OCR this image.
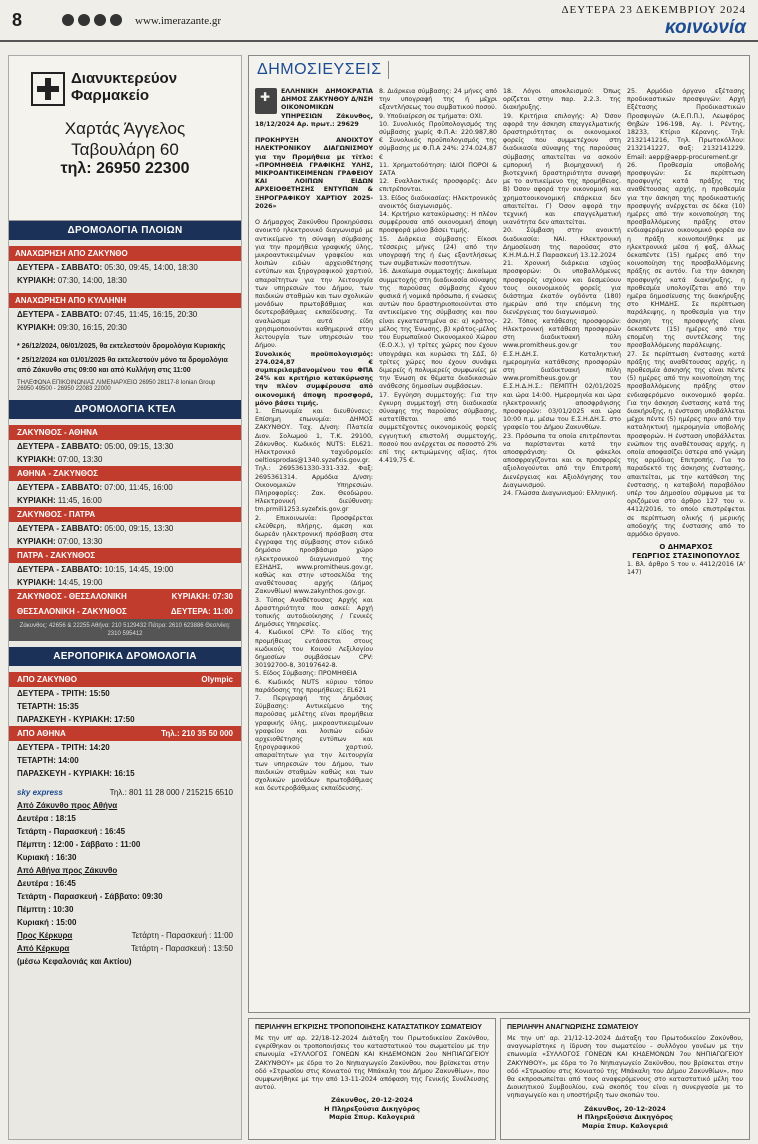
8	www.imerazante.gr
ΔΕΥΤΕΡΑ 23 ΔΕΚΕΜΒΡΙΟΥ 2024
κοινωνία
Διανυκτερεύον
Φαρμακείο
Χαρτάς Άγγελος
Ταβουλάρη 60
τηλ: 26950 22300
ΔΡΟΜΟΛΟΓΙΑ ΠΛΟΙΩΝ
ΑΝΑΧΩΡΗΣΗ ΑΠΟ ΖΑΚΥΝΘΟ
ΔΕΥΤΕΡΑ - ΣΑΒΒΑΤΟ: 05:30, 09:45, 14:00, 18:30
ΚΥΡΙΑΚΗ: 07:30, 14:00, 18:30
ΑΝΑΧΩΡΗΣΗ ΑΠΟ ΚΥΛΛΗΝΗ
ΔΕΥΤΕΡΑ - ΣΑΒΒΑΤΟ: 07:45, 11:45, 16:15, 20:30
ΚΥΡΙΑΚΗ: 09:30, 16:15, 20:30
* 26/12/2024, 06/01/2025, θα εκτελεστούν δρομολόγια Κυριακής
* 25/12/2024 και 01/01/2025 θα εκτελεστούν μόνο τα δρομολόγια από Ζάκυνθο στις 09:00 και από Κυλλήνη στις 11:00
ΤΗΛΕΦΩΝΑ ΕΠΙΚΟΙΝΩΝΙΑΣ ΛΙΜΕΝΑΡΧΕΙΟ 26950 28117-8 Ionian Group 26950 49500 - 26950 22083 22000
ΔΡΟΜΟΛΟΓΙΑ ΚΤΕΛ
ΖΑΚΥΝΘΟΣ - ΑΘΗΝΑ
ΔΕΥΤΕΡΑ - ΣΑΒΒΑΤΟ: 05:00, 09:15, 13:30
ΚΥΡΙΑΚΗ: 07:00, 13:30
ΑΘΗΝΑ - ΖΑΚΥΝΘΟΣ
ΔΕΥΤΕΡΑ - ΣΑΒΒΑΤΟ: 07:00, 11:45, 16:00
ΚΥΡΙΑΚΗ: 11:45, 16:00
ΖΑΚΥΝΘΟΣ - ΠΑΤΡΑ
ΔΕΥΤΕΡΑ - ΣΑΒΒΑΤΟ: 05:00, 09:15, 13:30
ΚΥΡΙΑΚΗ: 07:00, 13:30
ΠΑΤΡΑ - ΖΑΚΥΝΘΟΣ
ΔΕΥΤΕΡΑ - ΣΑΒΒΑΤΟ: 10:15, 14:45, 19:00
ΚΥΡΙΑΚΗ: 14:45, 19:00
ΖΑΚΥΝΘΟΣ - ΘΕΣΣΑΛΟΝΙΚΗ	ΚΥΡΙΑΚΗ: 07:30
ΘΕΣΣΑΛΟΝΙΚΗ - ΖΑΚΥΝΘΟΣ	ΔΕΥΤΕΡΑ: 11:00
Ζάκυνθος: 42656 & 22255 Αθήνα: 210 5129432 Πάτρα: 2610 623886 Θεσ/νίκη: 2310 595412
ΑΕΡΟΠΟΡΙΚΑ ΔΡΟΜΟΛΟΓΙΑ
ΑΠΟ ΖΑΚΥΝΘΟ	Olympic
ΔΕΥΤΕΡΑ - ΤΡΙΤΗ: 15:50
ΤΕΤΑΡΤΗ: 15:35
ΠΑΡΑΣΚΕΥΗ - ΚΥΡΙΑΚΗ: 17:50
ΑΠΟ ΑΘΗΝΑ	Τηλ.: 210 35 50 000
ΔΕΥΤΕΡΑ - ΤΡΙΤΗ: 14:20
ΤΕΤΑΡΤΗ: 14:00
ΠΑΡΑΣΚΕΥΗ - ΚΥΡΙΑΚΗ: 16:15
sky express	Τηλ.: 801 11 28 000 / 215215 6510
Από Ζάκυνθο προς Αθήνα
Δευτέρα : 18:15
Τετάρτη - Παρασκευή : 16:45
Πέμπτη : 12:00 - Σάββατο : 11:00
Κυριακή : 16:30
Από Αθήνα προς Ζάκυνθο
Δευτέρα : 16:45
Τετάρτη - Παρασκευή - Σάββατο: 09:30
Πέμπτη : 10:30
Κυριακή : 15:00
Προς Κέρκυρα	Τετάρτη - Παρασκευή : 11:00
Από Κέρκυρα	Τετάρτη - Παρασκευή : 13:50
(μέσω Κεφαλονιάς και Ακτίου)
ΔΗΜΟΣΙΕΥΣΕΙΣ
✚

ΕΛΛΗΝΙΚΗ ΔΗΜΟΚΡΑΤΙΑ ΔΗΜΟΣ ΖΑΚΥΝΘΟΥ Δ/ΝΣΗ ΟΙΚΟΝΟΜΙΚΩΝ ΥΠΗΡΕΣΙΩΝ Ζάκυνθος, 18/12/2024 Αρ. πρωτ.: 29629

ΠΡΟΚΗΡΥΞΗ ΑΝΟΙΧΤΟΥ ΗΛΕΚΤΡΟΝΙΚΟΥ ΔΙΑΓΩΝΙΣΜΟΥ για την Προμήθεια με τίτλο: «ΠΡΟΜΗΘΕΙΑ ΓΡΑΦΙΚΗΣ ΥΛΗΣ, ΜΙΚΡΟΑΝΤΙΚΕΙΜΕΝΩΝ ΓΡΑΦΕΙΟΥ ΚΑΙ ΛΟΙΠΩΝ ΕΙΔΩΝ ΑΡΧΕΙΟΘΕΤΗΣΗΣ ΕΝΤΥΠΩΝ & ΞΗΡΟΓΡΑΦΙΚΟΥ ΧΑΡΤΙΟΥ 2025-2026»

Ο Δήμαρχος Ζακύνθου Προκηρύσσει ανοικτό ηλεκτρονικό διαγωνισμό με αντικείμενο τη σύναψη σύμβασης για την προμήθεια γραφικής ύλης, μικροαντικειμένων γραφείου και λοιπών ειδών αρχειοθέτησης εντύπων και ξηρογραφικού χαρτιού, απαραίτητων για την λειτουργία των υπηρεσιών του Δήμου, των παιδικών σταθμών και των σχολικών μονάδων πρωτοβάθμιας και δευτεροβάθμιας εκπαίδευσης. Τα αναλώσιμα αυτά είδη χρησιμοποιούνται καθημερινά στην λειτουργία των υπηρεσιών του Δήμου.

Συνολικός προϋπολογισμός: 274.024,87 € συμπεριλαμβανομένου του ΦΠΑ 24% και κριτήριο κατακύρωσης την πλέον συμφέρουσα από οικονομική άποψη προσφορά, μόνο βάσει τιμής.

1. Επωνυμία και διευθύνσεις: Επίσημη επωνυμία: ΔΗΜΟΣ ΖΑΚΥΝΘΟΥ. Ταχ. Δ/νση: Πλατεία Διον. Σολωμού 1, Τ.Κ. 29100, Ζάκυνθος. Κωδικός NUTS: EL621. Ηλεκτρονικό ταχυδρομείο: oeltiosprodas@1340.syzefxis.gov.gr. Τηλ.: 2695361330-331-332. Φαξ: 2695361314. Αρμόδια Δ/νση: Οικονομικών Υπηρεσιών. Πληροφορίες: Ζακ. Θεοδώρου. Ηλεκτρονική διεύθυνση: tm.prmili1253.syzefxis.gov.gr

2. Επικοινωνία: Προσφέρεται ελεύθερη, πλήρης, άμεση και δωρεάν ηλεκτρονική πρόσβαση στα έγγραφα της σύμβασης στον ειδικό δημόσιο προσβάσιμο χώρο ηλεκτρονικού διαγωνισμού της ΕΣΗΔΗΣ, www.promitheus.gov.gr, καθώς και στην ιστοσελίδα της αναθέτουσας αρχής (Δήμος Ζακυνθίων) www.zakynthos.gov.gr.

3. Τύπος Αναθέτουσας Αρχής και Δραστηριότητα που ασκεί: Αρχή τοπικής αυτοδιοίκησης / Γενικές Δημόσιες Υπηρεσίες.

4. Κωδικοί CPV: Το είδος της προμήθειας εντάσσεται στους κωδικούς του Κοινού Λεξιλογίου δημοσίων συμβάσεων CPV: 30192700-8, 30197642-8.

5. Είδος Σύμβασης: ΠΡΟΜΗΘΕΙΑ

6. Κωδικός NUTS κύριου τόπου παράδοσης της προμήθειας: EL621

7. Περιγραφή της Δημόσιας Σύμβασης: Αντικείμενο της παρούσας μελέτης είναι προμήθεια γραφικής ύλης, μικροαντικειμένων γραφείου και λοιπών ειδών αρχειοθέτησης εντύπων και ξηρογραφικού χαρτιού, απαραίτητων για την λειτουργία των υπηρεσιών του Δήμου, των παιδικών σταθμών καθώς και των σχολικών μονάδων πρωτοβάθμιας και δευτεροβάθμιας εκπαίδευσης.

8. Διάρκεια σύμβασης: 24 μήνες από την υπογραφή της ή μέχρι εξαντλήσεως του συμβατικού ποσού.

9. Υποδιαίρεση σε τμήματα: ΟΧΙ.

10. Συνολικός Προϋπολογισμός της σύμβασης χωρίς Φ.Π.Α: 220.987,80 € Συνολικός προϋπολογισμός της σύμβασης με Φ.Π.Α 24%: 274.024,87 €

11. Χρηματοδότηση: ΙΔΙΟΙ ΠΟΡΟΙ & ΣΑΤΑ

12. Εναλλακτικές προσφορές: Δεν επιτρέπονται.

13. Είδος διαδικασίας: Ηλεκτρονικός ανοικτός διαγωνισμός.

14. Κριτήριο κατακύρωσης: Η πλέον συμφέρουσα από οικονομική άποψη προσφορά μόνο βάσει τιμής.

15. Διάρκεια σύμβασης: Είκοσι τέσσερις μήνες (24) από την υπογραφή της ή έως εξαντλήσεως των συμβατικών ποσοτήτων.

16. Δικαίωμα συμμετοχής: Δικαίωμα συμμετοχής στη διαδικασία σύναψης της παρούσας σύμβασης έχουν φυσικά ή νομικά πρόσωπα, ή ενώσεις αυτών που δραστηριοποιούνται στο αντικείμενο της σύμβασης και που είναι εγκατεστημένα σε: α) κράτος-μέλος της Ένωσης, β) κράτος-μέλος του Ευρωπαϊκού Οικονομικού Χώρου (Ε.Ο.Χ.), γ) τρίτες χώρες που έχουν υπογράψει και κυρώσει τη ΣΔΣ, δ) τρίτες χώρες που έχουν συνάψει διμερείς ή πολυμερείς συμφωνίες με την Ένωση σε θέματα διαδικασιών ανάθεσης δημοσίων συμβάσεων.

17. Εγγύηση συμμετοχής: Για την έγκυρη συμμετοχή στη διαδικασία σύναψης της παρούσας σύμβασης, κατατίθεται από τους συμμετέχοντες οικονομικούς φορείς εγγυητική επιστολή συμμετοχής, ποσού που ανέρχεται σε ποσοστό 2% επί της εκτιμώμενης αξίας, ήτοι 4.419,75 €.

18. Λόγοι αποκλεισμού: Όπως ορίζεται στην παρ. 2.2.3. της διακήρυξης.

19. Κριτήρια επιλογής: Α) Όσον αφορά την άσκηση επαγγελματικής δραστηριότητας οι οικονομικοί φορείς που συμμετέχουν στη διαδικασία σύναψης της παρούσας σύμβασης απαιτείται να ασκούν εμπορική ή βιομηχανική ή βιοτεχνική δραστηριότητα συναφή με το αντικείμενο της προμήθειας. Β) Όσον αφορά την οικονομική και χρηματοοικονομική επάρκεια δεν απαιτείται. Γ) Όσον αφορά την τεχνική και επαγγελματική ικανότητα δεν απαιτείται.

20. Σύμβαση στην ανοικτή διαδικασία: ΝΑΙ. Ηλεκτρονική Δημοσίευση της παρούσας στο Κ.Η.Μ.Δ.Η.Σ Παρασκευή 13.12.2024

21. Χρονική διάρκεια ισχύος προσφορών: Οι υποβαλλόμενες προσφορές ισχύουν και δεσμεύουν τους οικονομικούς φορείς για διάστημα έκατόν ογδόντα (180) ημερών από την επόμενη της διενέργειας του διαγωνισμού.

22. Τόπος κατάθεσης προσφορών: Ηλεκτρονική κατάθεση προσφορών στη διαδικτυακή πύλη www.promitheus.gov.gr του Ε.Σ.Η.ΔΗ.Σ. Καταληκτική ημερομηνία κατάθεσης προσφορών στη διαδικτυακή πύλη www.promitheus.gov.gr του Ε.Σ.Η.Δ.Η.Σ.: ΠΕΜΠΤΗ 02/01/2025 και ώρα 14:00. Ημερομηνία και ώρα ηλεκτρονικής αποσφράγισης προσφορών: 03/01/2025 και ώρα 10:00 π.μ. μέσω του Ε.Σ.Η.ΔΗ.Σ. στο γραφείο του Δήμου Ζακυνθίων.

23. Πρόσωπα τα οποία επιτρέπονται να παρίστανται κατά την αποσφράγιση: Οι φάκελοι αποσφραγίζονται και οι προσφορές αξιολογούνται από την Επιτροπή Διενέργειας και Αξιολόγησης του Διαγωνισμού.

24. Γλώσσα Διαγωνισμού: Ελληνική.

25. Αρμόδιο όργανο εξέτασης προδικαστικών προσφυγών: Αρχή Εξέτασης Προδικαστικών Προσφυγών (Α.Ε.Π.Π.), Λεωφόρος Θηβών 196-198, Αγ. Ι. Ρέντης, 18233, Κτίριο Κέρανης. Τηλ: 2132141216, Τηλ. Πρωτοκόλλου: 2132141227, Φαξ: 2132141229. Email: aepp@aepp-procurement.gr

26. Προθεσμία υποβολής προσφυγών: Σε περίπτωση προσφυγής κατά πράξης της αναθέτουσας αρχής, η προθεσμία για την άσκηση της προδικαστικής προσφυγής ανέρχεται σε δέκα (10) ημέρες από την κοινοποίηση της προσβαλλόμενης πράξης στον ενδιαφερόμενο οικονομικό φορέα αν η πράξη κοινοποιήθηκε με ηλεκτρονικά μέσα ή φαξ, άλλως δεκαπέντε (15) ημέρες από την κοινοποίηση της προσβαλλόμενης πράξης σε αυτόν. Για την άσκηση προσφυγής κατά διακήρυξης, η προθεσμία υπολογίζεται από την ημέρα δημοσίευσης της διακήρυξης στο ΚΗΜΔΗΣ. Σε περίπτωση παράλειψης, η προθεσμία για την άσκηση της προσφυγής είναι δεκαπέντε (15) ημέρες από την επομένη της συντέλεσης της προσβαλλόμενης παράλειψης.

27. Σε περίπτωση ένστασης κατά πράξης της αναθέτουσας αρχής, η προθεσμία άσκησής της είναι πέντε (5) ημέρες από την κοινοποίηση της προσβαλλόμενης πράξης στον ενδιαφερόμενο οικονομικό φορέα. Για την άσκηση ένστασης κατά της διακήρυξης, η ένσταση υποβάλλεται μέχρι πέντε (5) ημέρες πριν από την καταληκτική ημερομηνία υποβολής προσφορών. Η ένσταση υποβάλλεται ενώπιον της αναθέτουσας αρχής, η οποία αποφασίζει ύστερα από γνώμη της αρμόδιας Επιτροπής. Για το παραδεκτό της άσκησης ένστασης, απαιτείται, με την κατάθεση της ένστασης, η καταβολή παραβόλου υπέρ του Δημοσίου σύμφωνα με τα οριζόμενα στο άρθρο 127 του ν. 4412/2016, το οποίο επιστρέφεται σε περίπτωση ολικής ή μερικής αποδοχής της ένστασης από το αρμόδιο όργανο.

Ο ΔΗΜΑΡΧΟΣ
ΓΕΩΡΓΙΟΣ ΣΤΑΣΙΝΟΠΟΥΛΟΣ

1. Βλ. άρθρο 5 του ν. 4412/2016 (Α' 147)

ΠΕΡΙΛΗΨΗ ΕΓΚΡΙΣΗΣ ΤΡΟΠΟΠΟΙΗΣΗΣ ΚΑΤΑΣΤΑΤΙΚΟΥ ΣΩΜΑΤΕΙΟΥ

Με την υπ' αρ. 22/18-12-2024 Διάταξη του Πρωτοδικείου Ζακύνθου, εγκρίθηκαν οι τροποποιήσεις του καταστατικού του σωματείου με την επωνυμία «ΣΥΛΛΟΓΟΣ ΓΟΝΕΩΝ ΚΑΙ ΚΗΔΕΜΟΝΩΝ 2ου ΝΗΠΙΑΓΩΓΕΙΟΥ ΖΑΚΥΝΘΟΥ» με έδρα το 2ο Νηπιαγωγείο Ζακύνθου, που βρίσκεται στην οδό «Στρωσίου στις Κονιατού της Μπάκαλη του Δήμου Ζακυνθίων», που συμφωνήθηκε με την από 13-11-2024 απόφαση της Γενικής Συνέλευσης αυτού.

Ζάκυνθος, 20-12-2024
Η Πληρεξούσια Δικηγόρος
Μαρία Σπυρ. Καλογεριά
ΠΕΡΙΛΗΨΗ ΑΝΑΓΝΩΡΙΣΗΣ ΣΩΜΑΤΕΙΟΥ

Με την υπ' αρ. 21/12-12-2024 Διάταξη του Πρωτοδικείου Ζακύνθου, αναγνωρίστηκε η ίδρυση του σωματείου - συλλόγου γονέων με την επωνυμία «ΣΥΛΛΟΓΟΣ ΓΟΝΕΩΝ ΚΑΙ ΚΗΔΕΜΟΝΩΝ 7ου ΝΗΠΙΑΓΩΓΕΙΟΥ ΖΑΚΥΝΘΟΥ», με έδρα το 7ο Νηπιαγωγείο Ζακύνθου, που βρίσκεται στην οδό «Στρωσίου στις Κονιατού της Μπάκαλη του Δήμου Ζακυνθίων», που θα εκπροσωπείται από τους αναφερόμενους στο καταστατικό μέλη του Διοικητικού Συμβουλίου, ενώ σκοπός του είναι η συνεργασία με το νηπιαγωγείο και η υποστήριξη των σκοπών του.

Ζάκυνθος, 20-12-2024
Η Πληρεξούσια Δικηγόρος
Μαρία Σπυρ. Καλογεριά
